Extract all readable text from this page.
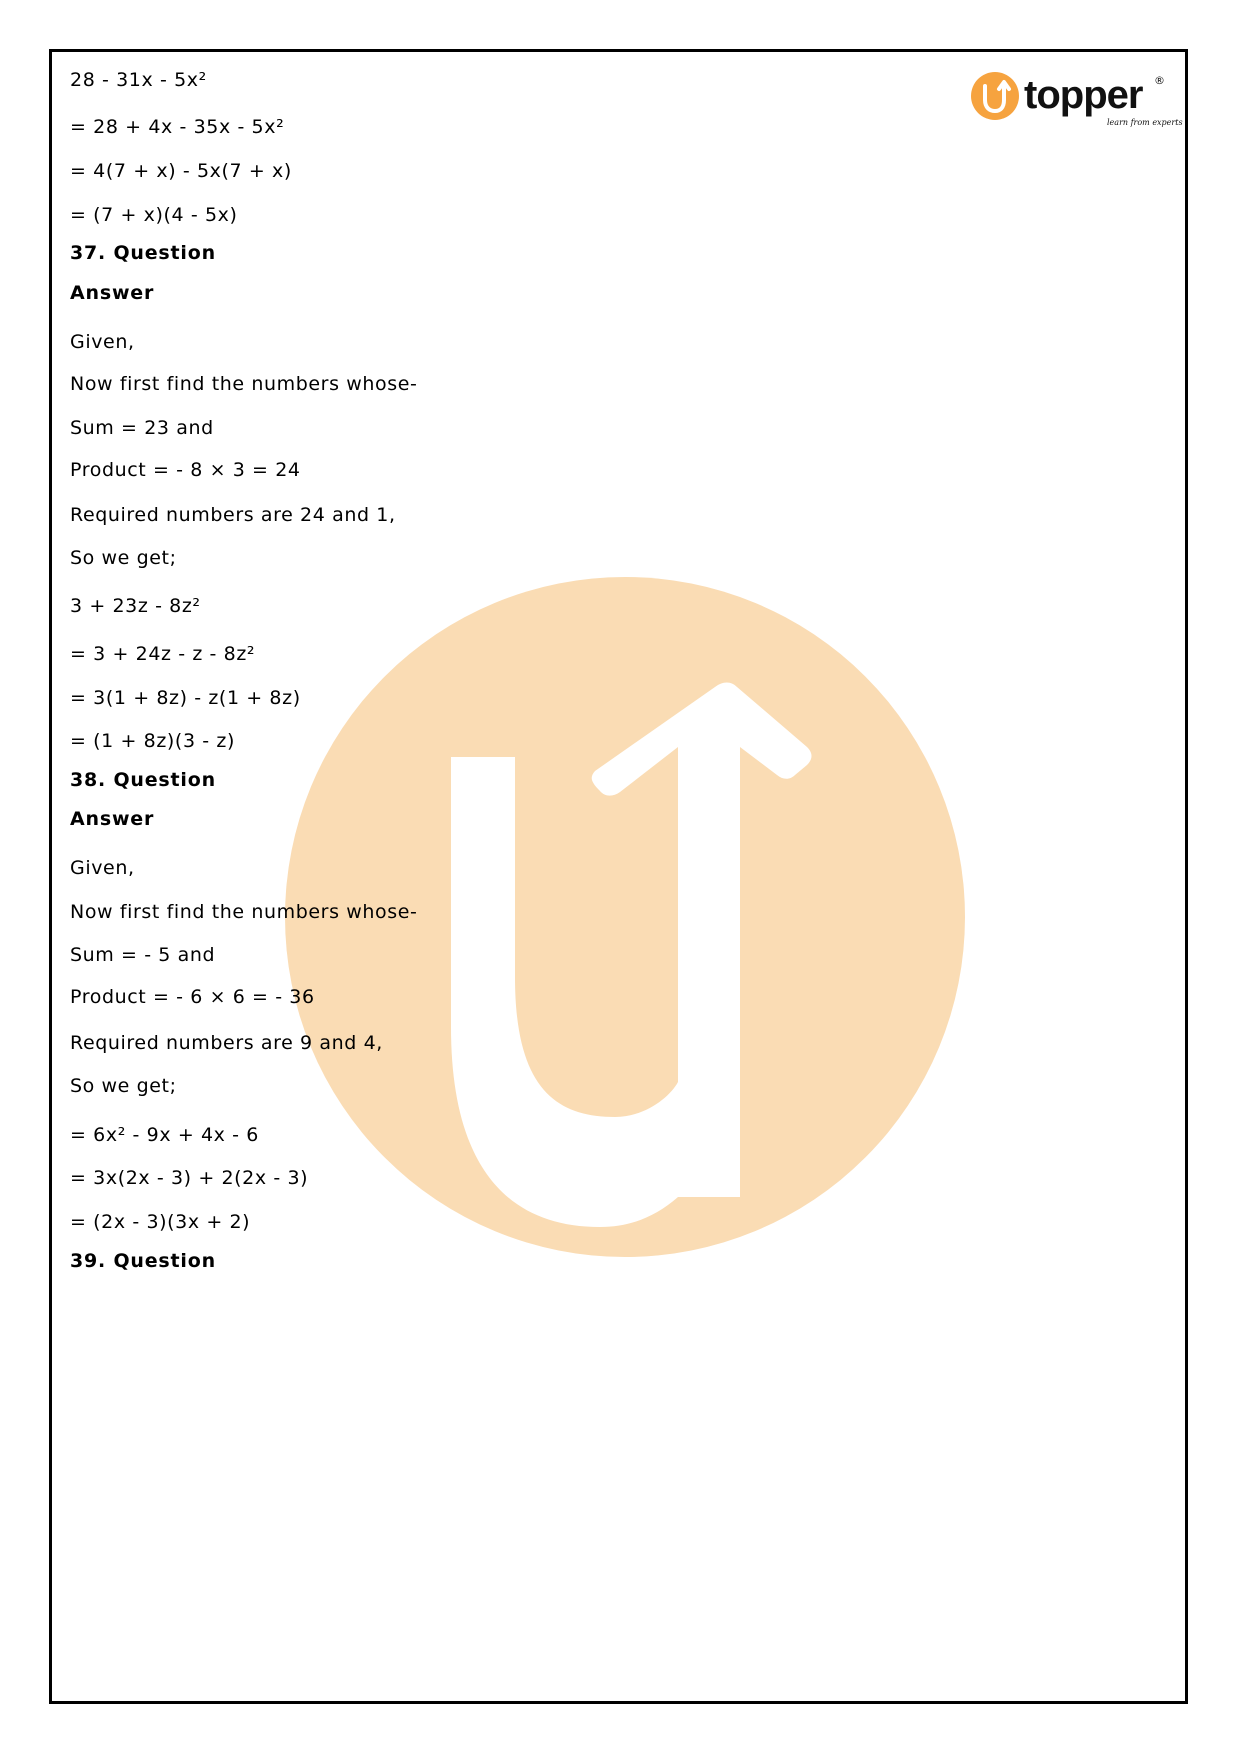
topper ®
learn from experts
28 - 31x - 5x²
= 28 + 4x - 35x - 5x²
= 4(7 + x) - 5x(7 + x)
= (7 + x)(4 - 5x)
37. Question
Answer
Given,
Now first find the numbers whose-
Sum = 23 and
Product = - 8 × 3 = 24
Required numbers are 24 and 1,
So we get;
3 + 23z - 8z²
= 3 + 24z - z - 8z²
= 3(1 + 8z) - z(1 + 8z)
= (1 + 8z)(3 - z)
38. Question
Answer
Given,
Now first find the numbers whose-
Sum = - 5 and
Product = - 6 × 6 = - 36
Required numbers are 9 and 4,
So we get;
= 6x² - 9x + 4x - 6
= 3x(2x - 3) + 2(2x - 3)
= (2x - 3)(3x + 2)
39. Question
